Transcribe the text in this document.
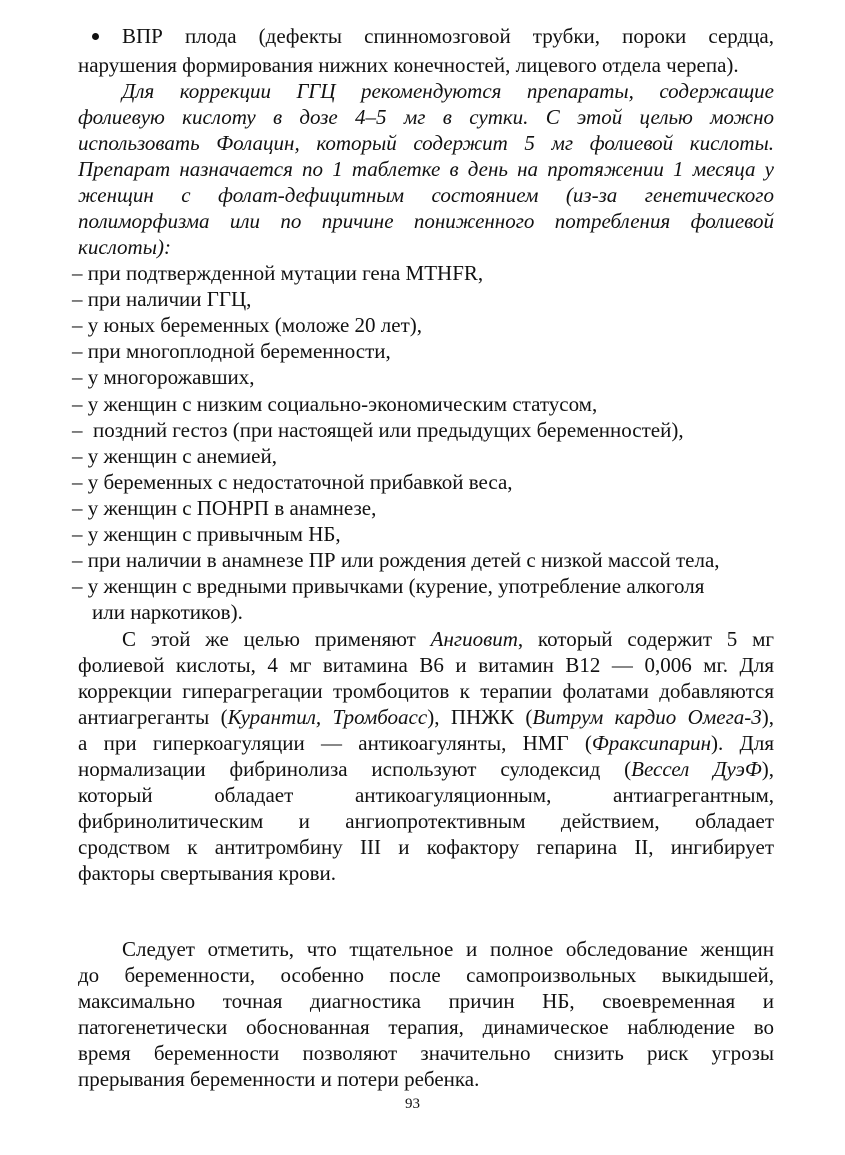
ВПР плода (дефекты спинномозговой трубки, пороки сердца,
нарушения формирования нижних конечностей, лицевого отдела черепа).
Для коррекции ГГЦ рекомендуются препараты, содержащие
фолиевую кислоту в дозе 4–5 мг в сутки. С этой целью можно
использовать Фолацин, который содержит 5 мг фолиевой кислоты.
Препарат назначается по 1 таблетке в день на протяжении 1 месяца у
женщин с фолат-дефицитным состоянием (из-за генетического
полиморфизма или по причине пониженного потребления фолиевой
кислоты):
– при подтвержденной мутации гена MTHFR,
– при наличии ГГЦ,
– у юных беременных (моложе 20 лет),
– при многоплодной беременности,
– у многорожавших,
– у женщин с низким социально-экономическим статусом,
– поздний гестоз (при настоящей или предыдущих беременностей),
– у женщин с анемией,
– у беременных с недостаточной прибавкой веса,
– у женщин с ПОНРП в анамнезе,
– у женщин с привычным НБ,
– при наличии в анамнезе ПР или рождения детей с низкой массой тела,
– у женщин с вредными привычками (курение, употребление алкоголя
или наркотиков).
С этой же целью применяют Ангиовит, который содержит 5 мг
фолиевой кислоты, 4 мг витамина В6 и витамин В12 — 0,006 мг. Для
коррекции гиперагрегации тромбоцитов к терапии фолатами добавляются
антиагреганты (Курантил, Тромбоасс), ПНЖК (Витрум кардио Омега-3),
а при гиперкоагуляции — антикоагулянты, НМГ (Фраксипарин). Для
нормализации фибринолиза используют сулодексид (Вессел ДуэФ),
который обладает антикоагуляционным, антиагрегантным,
фибринолитическим и ангиопротективным действием, обладает
сродством к антитромбину III и кофактору гепарина II, ингибирует
факторы свертывания крови.
Следует отметить, что тщательное и полное обследование женщин
до беременности, особенно после самопроизвольных выкидышей,
максимально точная диагностика причин НБ, своевременная и
патогенетически обоснованная терапия, динамическое наблюдение во
время беременности позволяют значительно снизить риск угрозы
прерывания беременности и потери ребенка.
93
